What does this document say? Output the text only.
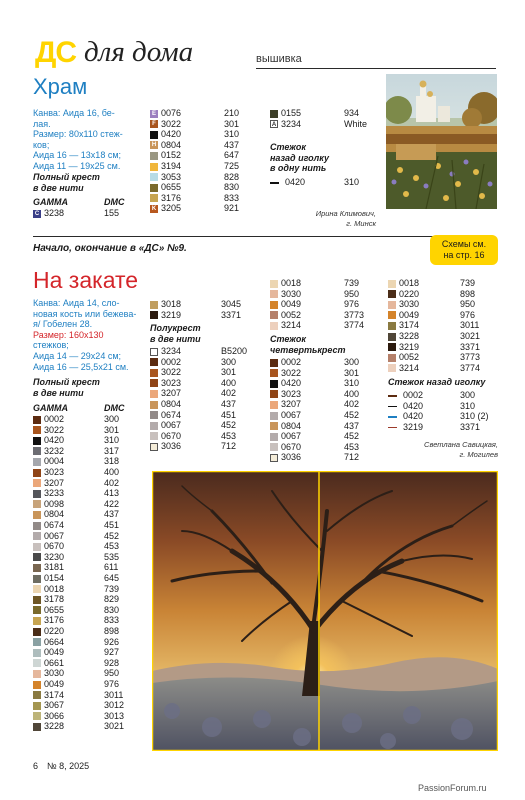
ДС для дома	вышивка
Храм
Канва: Аида 16, бе-
лая.
Размер: 80х110 стеж-
ков;
Аида 16 — 13х18 см;
Аида 11 — 19х25 см.
Полный крест
в две нити
GAMMA	DMC
C 3238	155
E 0076	210
F 3022	301
0420	310
H 0804	437
0152	647
3194	725
3053	828
0655	830
3176	833
K 3205	921
0155	934
A 3234	White
Стежок
назад иголку
в одну нить
0420	310
Ирина Климович,
г. Минск
Начало, окончание в «ДС» №9.	Схемы см.
на стр. 16
На закате
Канва: Аида 14, сло-
новая кость или бежева-
я/ Гобелен 28.
Размер: 160х130
стежков;
Аида 14 — 29х24 см;
Аида 16 — 25,5х21 см.
Полный крест
в две нити
GAMMA	DMC
0002	300
3022	301
0420	310
3232	317
0004	318
3023	400
3207	402
3233	413
0098	422
0804	437
0674	451
0067	452
0670	453
3230	535
3181	611
0154	645
0018	739
3178	829
0655	830
3176	833
0220	898
0664	926
0049	927
0661	928
3030	950
0049	976
3174	3011
3067	3012
3066	3013
3228	3021
3018	3045
3219	3371
Полукрест
в две нити
3234	B5200
0002	300
3022	301
3023	400
3207	402
0804	437
0674	451
0067	452
0670	453
3036	712
0018	739
3030	950
0049	976
0052	3773
3214	3774
Стежок
четвертькрест
0002	300
3022	301
0420	310
3023	400
3207	402
0067	452
0804	437
0067	452
0670	453
3036	712
0018	739
0220	898
3030	950
0049	976
3174	3011
3228	3021
3219	3371
0052	3773
3214	3774
Стежок назад иголку
0002	300
0420	310
0420	310 (2)
3219	3371
Светлана Савицкая,
г. Могилев
6 № 8, 2025
PassionForum.ru
